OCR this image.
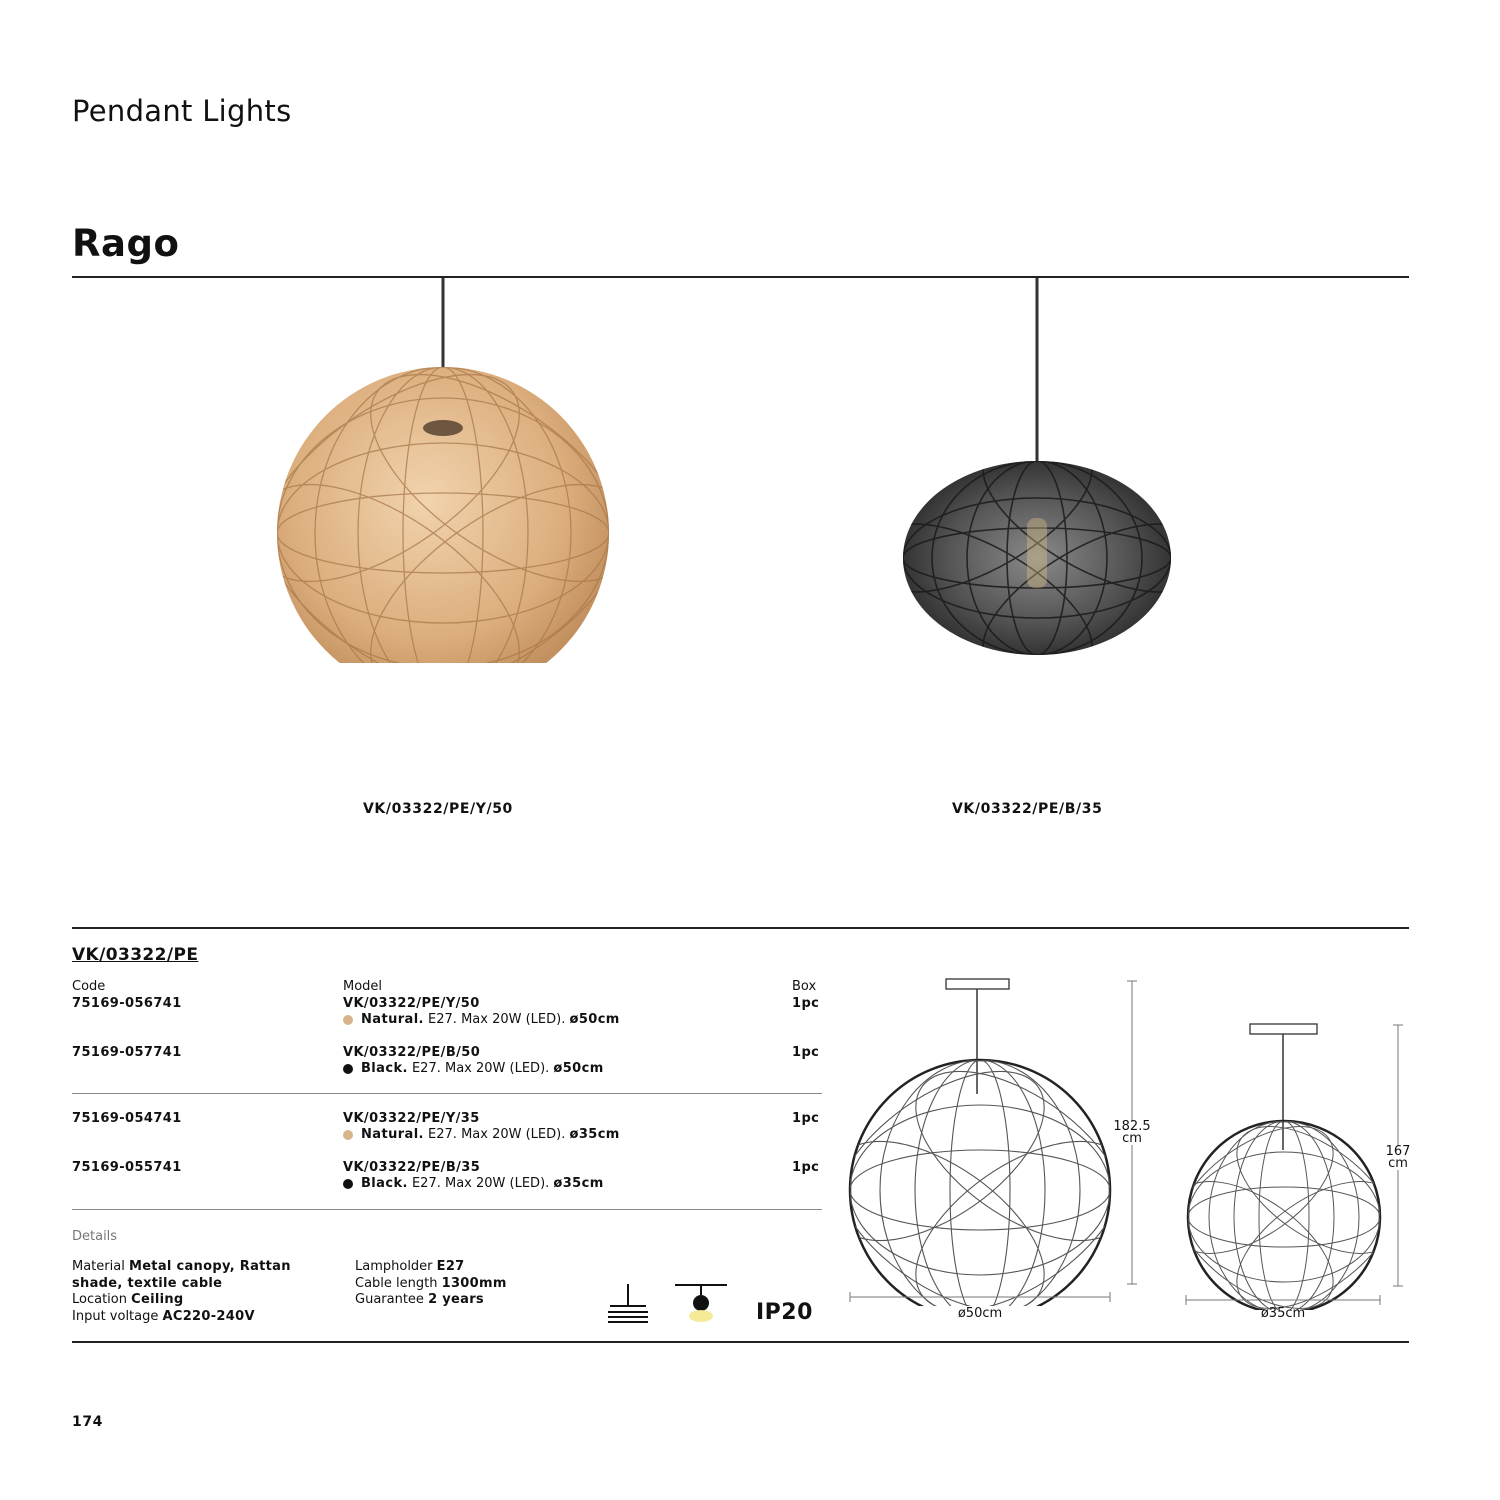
Pendant Lights
Rago
VK/03322/PE/Y/50	VK/03322/PE/B/35
VK/03322/PE
Code	Model	Box
75169-056741	VK/03322/PE/Y/50	1pc
Natural. E27. Max 20W (LED). ø50cm
75169-057741	VK/03322/PE/B/50	1pc
Black. E27. Max 20W (LED). ø50cm
75169-054741	VK/03322/PE/Y/35	1pc
Natural. E27. Max 20W (LED). ø35cm
75169-055741	VK/03322/PE/B/35	1pc
Black. E27. Max 20W (LED). ø35cm
Details
Material Metal canopy, Rattan
shade, textile cable
Location Ceiling
Input voltage AC220-240V
Lampholder E27
Cable length 1300mm
Guarantee 2 years
IP20
182.5
cm
ø50cm
167
cm
ø35cm
174
